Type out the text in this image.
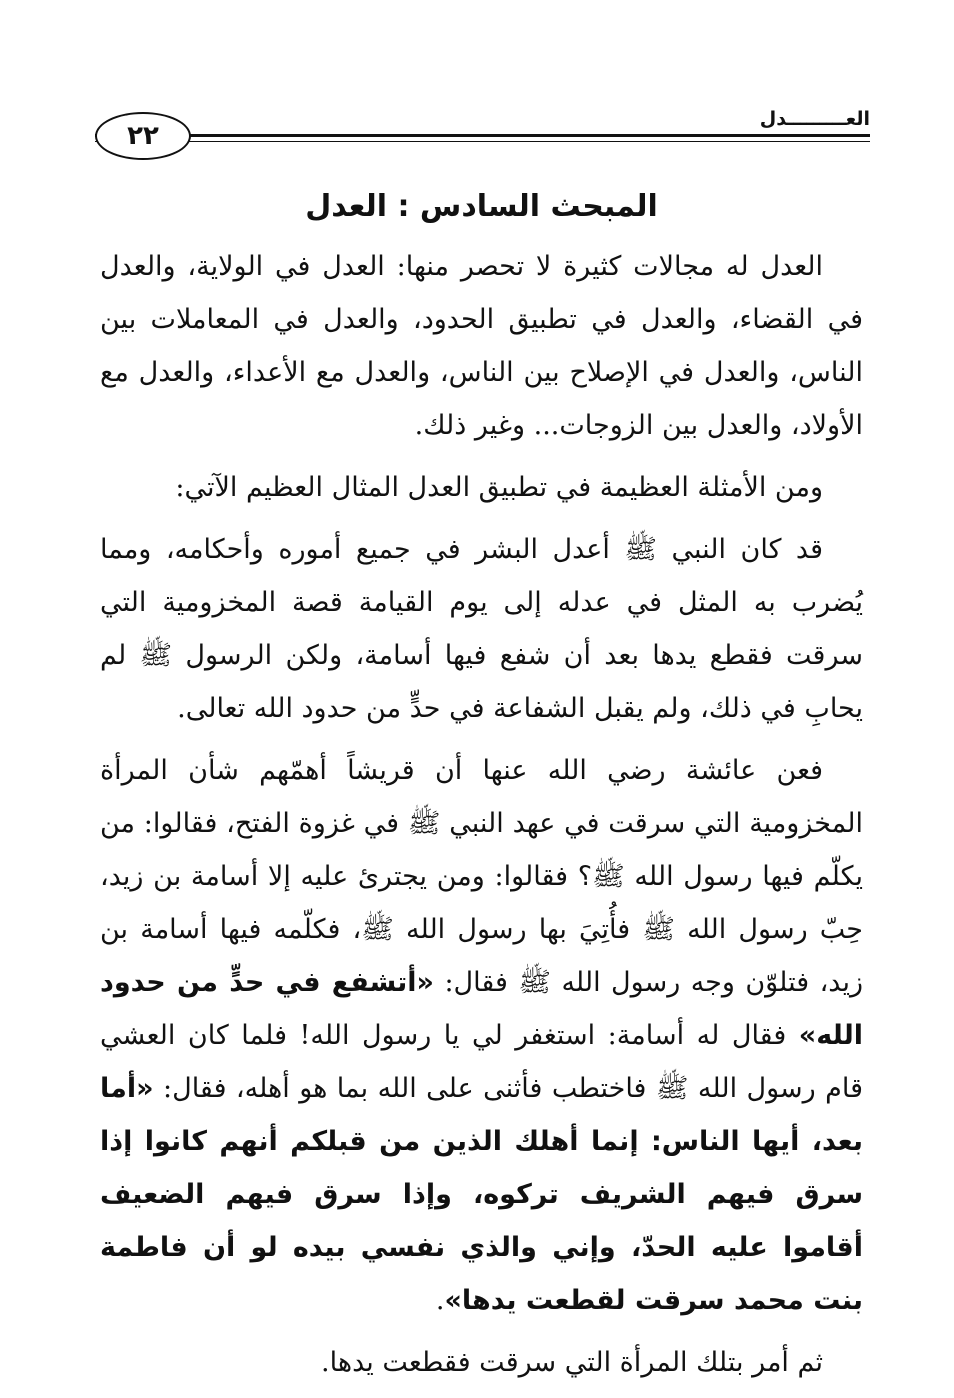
العـــــــــدل
٢٢
المبحث السادس : العدل

العدل له مجالات كثيرة لا تحصر منها: العدل في الولاية، والعدل في القضاء، والعدل في تطبيق الحدود، والعدل في المعاملات بين الناس، والعدل في الإصلاح بين الناس، والعدل مع الأعداء، والعدل مع الأولاد، والعدل بين الزوجات... وغير ذلك.

ومن الأمثلة العظيمة في تطبيق العدل المثال العظيم الآتي:

قد كان النبي ﷺ أعدل البشر في جميع أموره وأحكامه، ومما يُضرب به المثل في عدله إلى يوم القيامة قصة المخزومية التي سرقت فقطع يدها بعد أن شفع فيها أسامة، ولكن الرسول ﷺ لم يحابِ في ذلك، ولم يقبل الشفاعة في حدٍّ من حدود الله تعالى.

فعن عائشة رضي الله عنها أن قريشاً أهمّهم شأن المرأة المخزومية التي سرقت في عهد النبي ﷺ في غزوة الفتح، فقالوا: من يكلّم فيها رسول الله ﷺ؟ فقالوا: ومن يجترئ عليه إلا أسامة بن زيد، حِبّ رسول الله ﷺ فأُتِيَ بها رسول الله ﷺ، فكلّمه فيها أسامة بن زيد، فتلوّن وجه رسول الله ﷺ فقال: «أتشفع في حدٍّ من حدود الله» فقال له أسامة: استغفر لي يا رسول الله! فلما كان العشي قام رسول الله ﷺ فاختطب فأثنى على الله بما هو أهله، فقال: «أما بعد، أيها الناس: إنما أهلك الذين من قبلكم أنهم كانوا إذا سرق فيهم الشريف تركوه، وإذا سرق فيهم الضعيف أقاموا عليه الحدّ، وإني والذي نفسي بيده لو أن فاطمة بنت محمد سرقت لقطعت يدها».

ثم أمر بتلك المرأة التي سرقت فقطعت يدها.
